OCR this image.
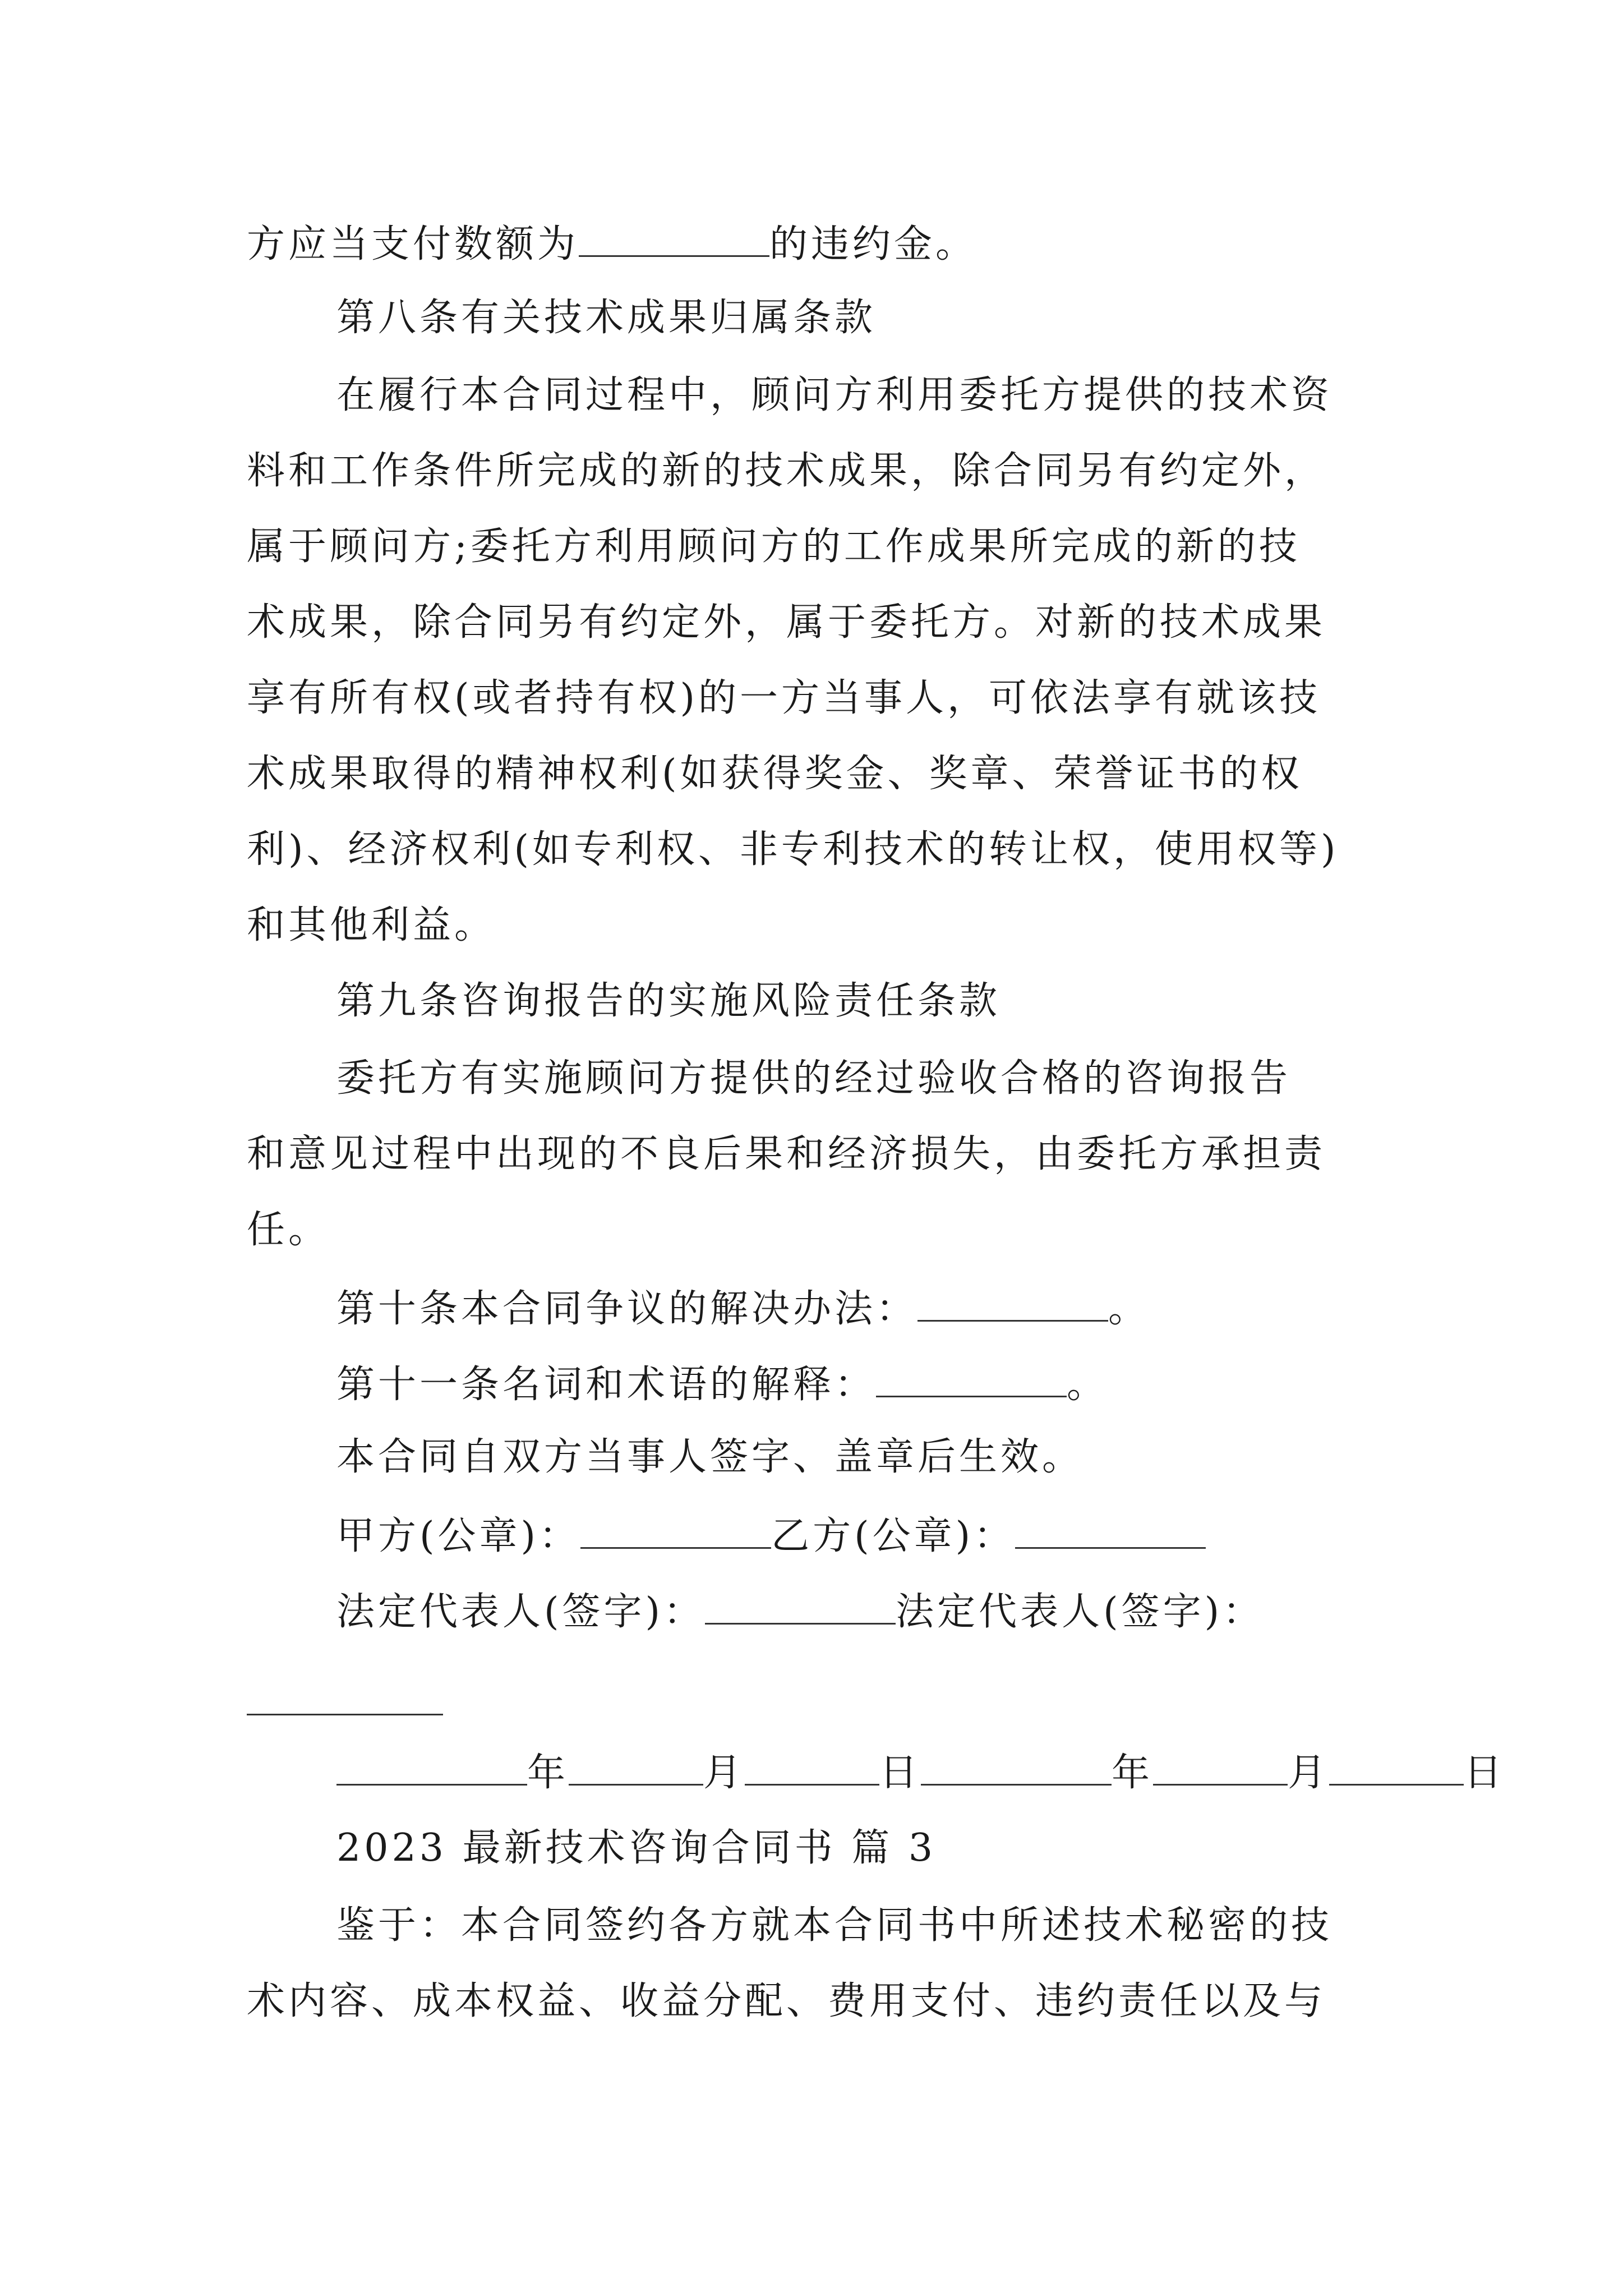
方应当支付数额为	的违约金。
第八条有关技术成果归属条款
在履行本合同过程中，顾问方利用委托方提供的技术资
料和工作条件所完成的新的技术成果，除合同另有约定外，
属于顾问方;委托方利用顾问方的工作成果所完成的新的技
术成果，除合同另有约定外，属于委托方。对新的技术成果
享有所有权(或者持有权)的一方当事人，可依法享有就该技
术成果取得的精神权利(如获得奖金、奖章、荣誉证书的权
利)、经济权利(如专利权、非专利技术的转让权，使用权等)
和其他利益。
第九条咨询报告的实施风险责任条款
委托方有实施顾问方提供的经过验收合格的咨询报告
和意见过程中出现的不良后果和经济损失，由委托方承担责
任。
第十条本合同争议的解决办法：	。
第十一条名词和术语的解释：	。
本合同自双方当事人签字、盖章后生效。
甲方(公章)：	乙方(公章)：
法定代表人(签字)：	法定代表人(签字)：
年	月	日	年	月	日
2023 最新技术咨询合同书 篇 3
鉴于：本合同签约各方就本合同书中所述技术秘密的技
术内容、成本权益、收益分配、费用支付、违约责任以及与
